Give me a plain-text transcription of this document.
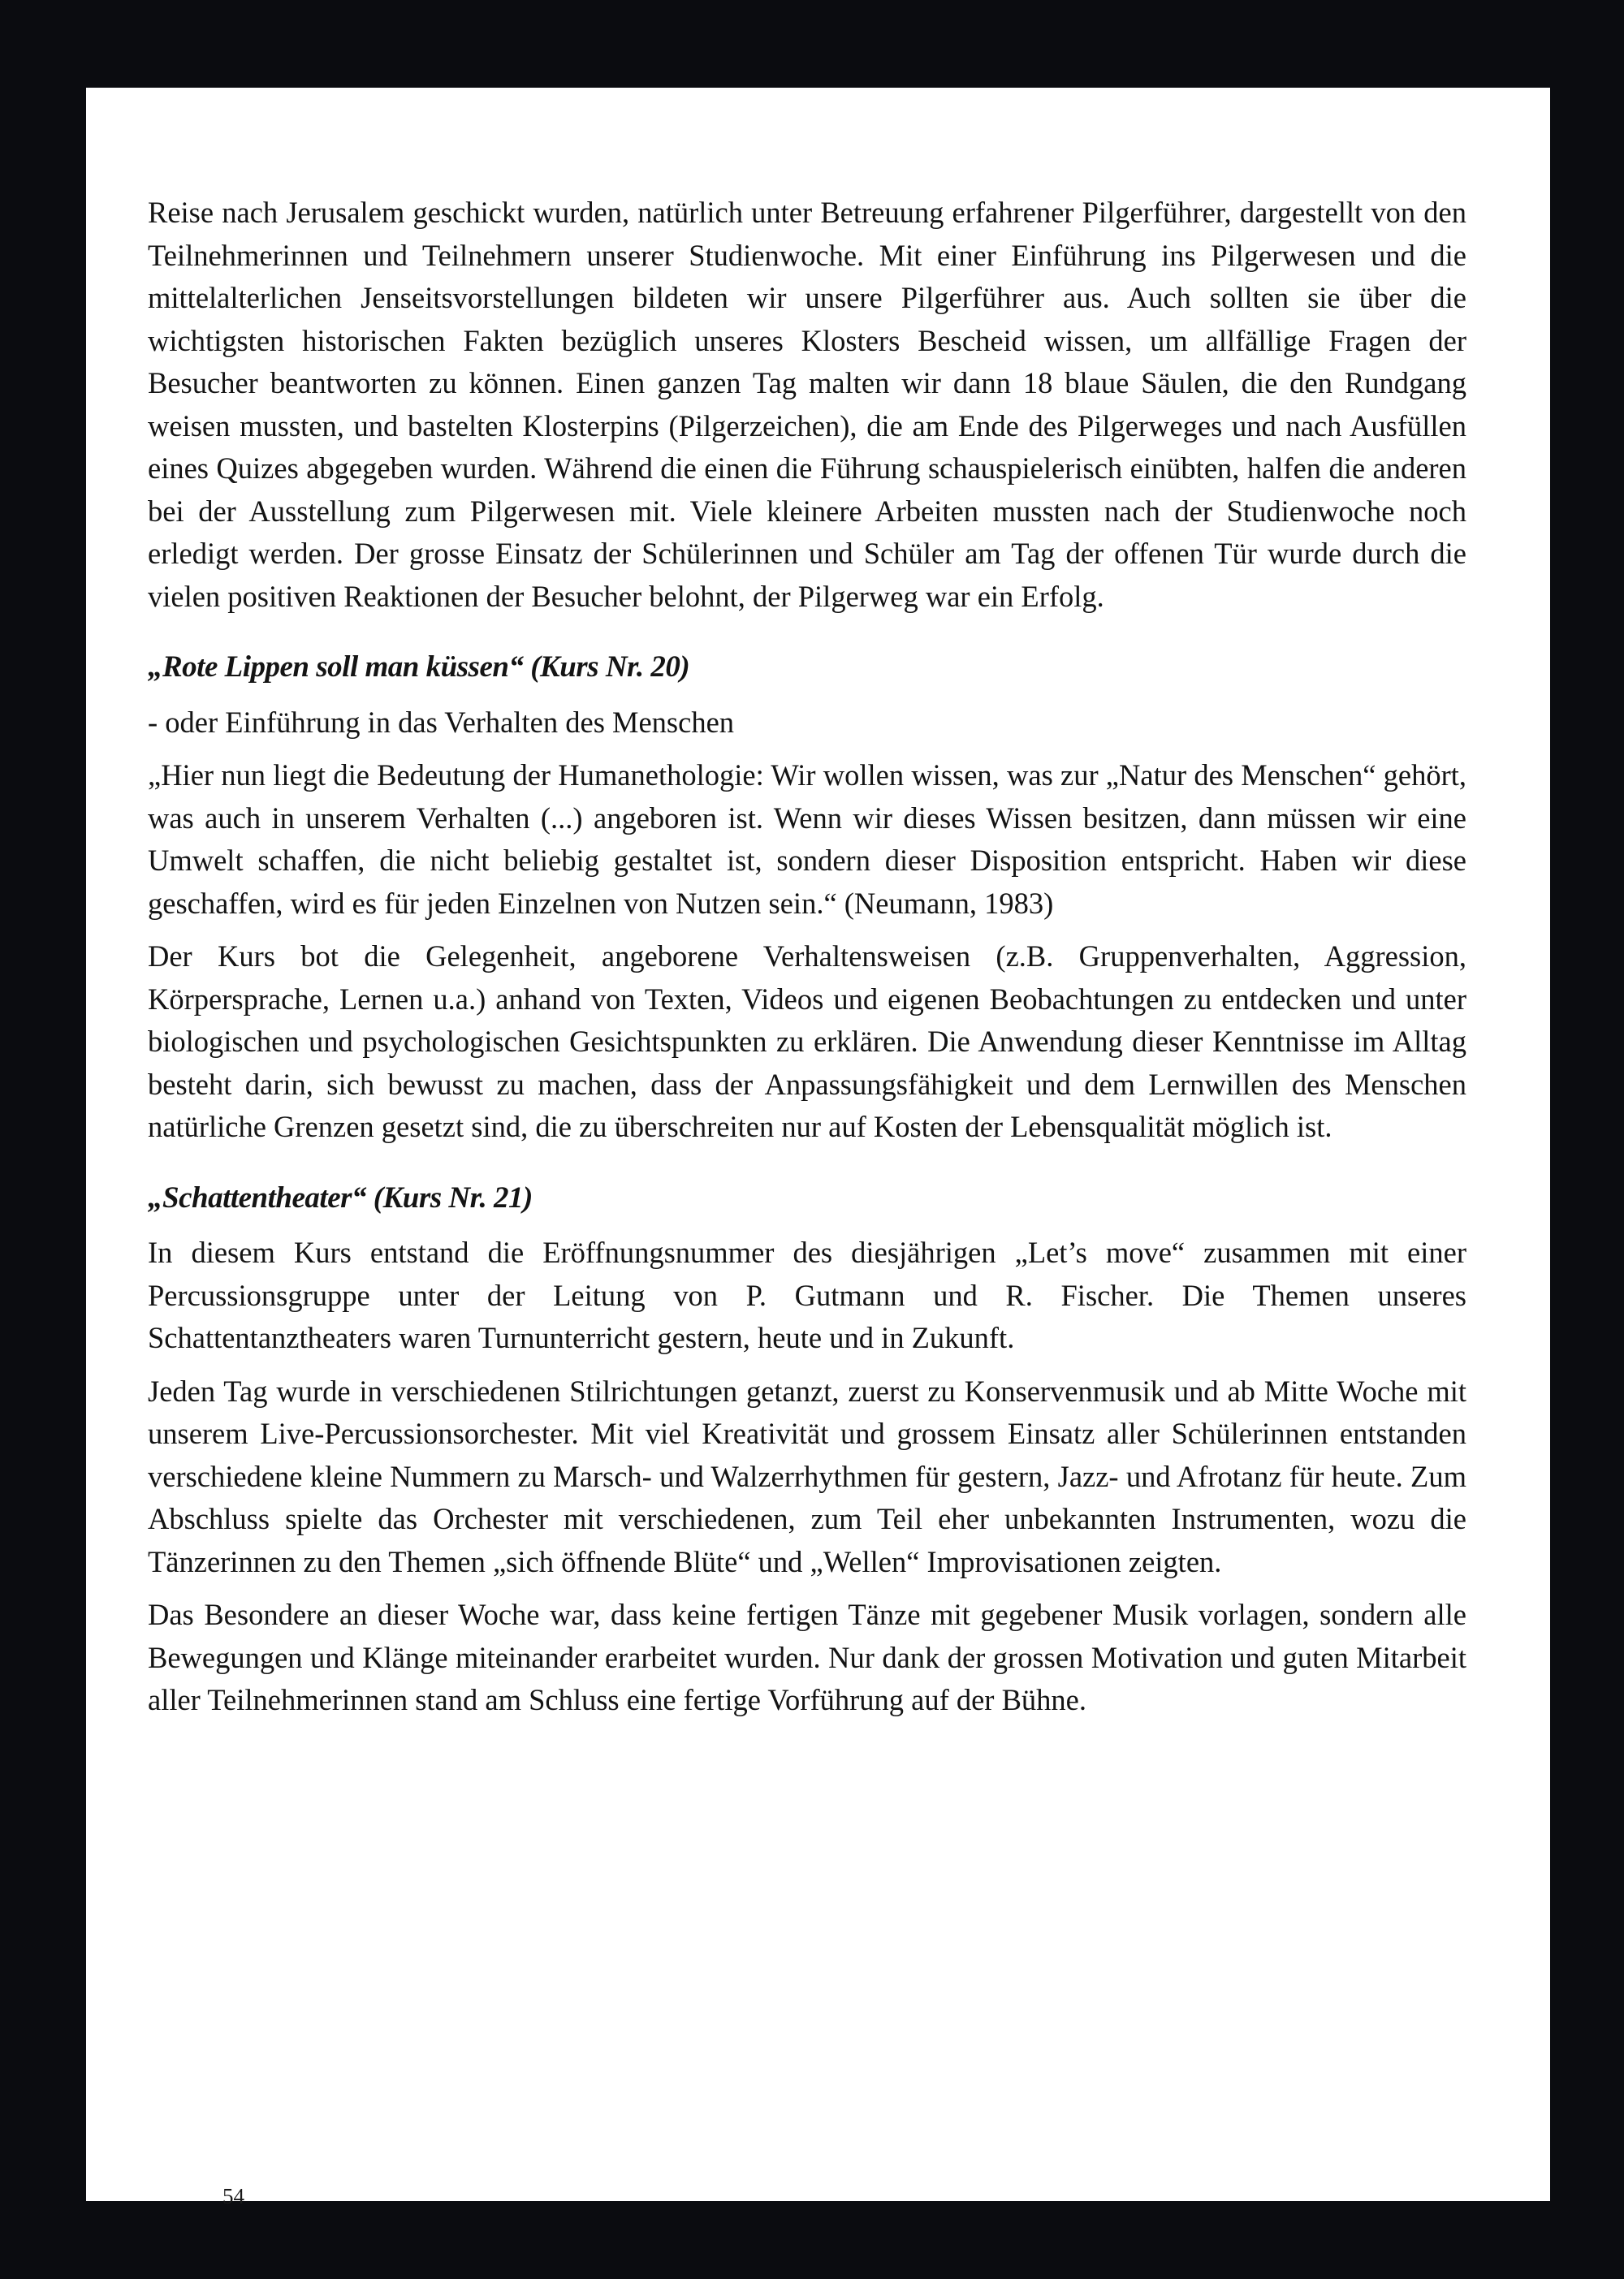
Reise nach Jerusalem geschickt wurden, natürlich unter Betreuung erfahrener Pilgerführer, dargestellt von den Teilnehmerinnen und Teilnehmern unserer Studienwoche. Mit einer Einführung ins Pilgerwesen und die mittelalterlichen Jenseitsvorstellungen bildeten wir unsere Pilgerführer aus. Auch sollten sie über die wichtigsten historischen Fakten bezüglich unseres Klosters Bescheid wissen, um allfällige Fragen der Besucher beantworten zu können. Einen ganzen Tag malten wir dann 18 blaue Säulen, die den Rundgang weisen mussten, und bastelten Klosterpins (Pilgerzeichen), die am Ende des Pilgerweges und nach Ausfüllen eines Quizes abgegeben wurden. Während die einen die Führung schauspielerisch einübten, halfen die anderen bei der Ausstellung zum Pilgerwesen mit. Viele kleinere Arbeiten mussten nach der Studienwoche noch erledigt werden. Der grosse Einsatz der Schülerinnen und Schüler am Tag der offenen Tür wurde durch die vielen positiven Reaktionen der Besucher belohnt, der Pilgerweg war ein Erfolg.

„Rote Lippen soll man küssen“ (Kurs Nr. 20)

- oder Einführung in das Verhalten des Menschen

„Hier nun liegt die Bedeutung der Humanethologie: Wir wollen wissen, was zur „Natur des Menschen“ gehört, was auch in unserem Verhalten (...) angeboren ist. Wenn wir dieses Wissen besitzen, dann müssen wir eine Umwelt schaffen, die nicht beliebig gestaltet ist, sondern dieser Disposition entspricht. Haben wir diese geschaffen, wird es für jeden Einzelnen von Nutzen sein.“ (Neumann, 1983)

Der Kurs bot die Gelegenheit, angeborene Verhaltensweisen (z.B. Gruppenverhalten, Aggression, Körpersprache, Lernen u.a.) anhand von Texten, Videos und eigenen Beobachtungen zu entdecken und unter biologischen und psychologischen Gesichtspunkten zu erklären. Die Anwendung dieser Kenntnisse im Alltag besteht darin, sich bewusst zu machen, dass der Anpassungsfähigkeit und dem Lernwillen des Menschen natürliche Grenzen gesetzt sind, die zu überschreiten nur auf Kosten der Lebensqualität möglich ist.

„Schattentheater“ (Kurs Nr. 21)

In diesem Kurs entstand die Eröffnungsnummer des diesjährigen „Let’s move“ zusammen mit einer Percussionsgruppe unter der Leitung von P. Gutmann und R. Fischer. Die Themen unseres Schattentanztheaters waren Turnunterricht gestern, heute und in Zukunft.

Jeden Tag wurde in verschiedenen Stilrichtungen getanzt, zuerst zu Konservenmusik und ab Mitte Woche mit unserem Live-Percussionsorchester. Mit viel Kreativität und grossem Einsatz aller Schülerinnen entstanden verschiedene kleine Nummern zu Marsch- und Walzerrhythmen für gestern, Jazz- und Afrotanz für heute. Zum Abschluss spielte das Orchester mit verschiedenen, zum Teil eher unbekannten Instrumenten, wozu die Tänzerinnen zu den Themen „sich öffnende Blüte“ und „Wellen“ Improvisationen zeigten.

Das Besondere an dieser Woche war, dass keine fertigen Tänze mit gegebener Musik vorlagen, sondern alle Bewegungen und Klänge miteinander erarbeitet wurden. Nur dank der grossen Motivation und guten Mitarbeit aller Teilnehmerinnen stand am Schluss eine fertige Vorführung auf der Bühne.

54
